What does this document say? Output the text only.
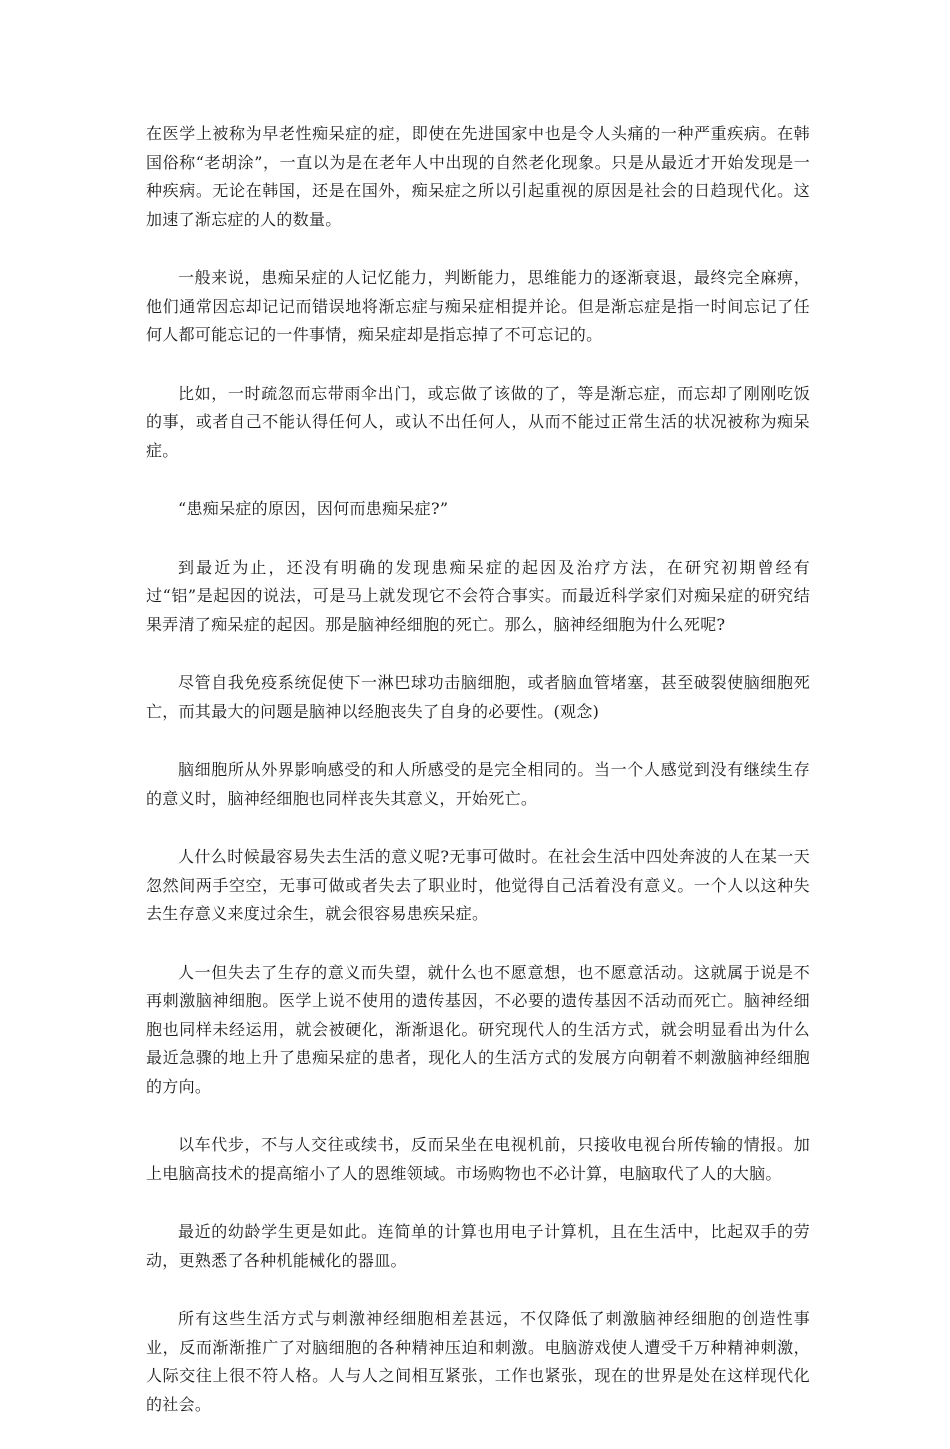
在医学上被称为早老性痴呆症的症，即使在先进国家中也是令人头痛的一种严重疾病。在韩国俗称“老胡涂”，一直以为是在老年人中出现的自然老化现象。只是从最近才开始发现是一种疾病。无论在韩国，还是在国外，痴呆症之所以引起重视的原因是社会的日趋现代化。这加速了渐忘症的人的数量。

一般来说，患痴呆症的人记忆能力，判断能力，思维能力的逐渐衰退，最终完全麻痹，他们通常因忘却记记而错误地将渐忘症与痴呆症相提并论。但是渐忘症是指一时间忘记了任何人都可能忘记的一件事情，痴呆症却是指忘掉了不可忘记的。

比如，一时疏忽而忘带雨伞出门，或忘做了该做的了，等是渐忘症，而忘却了刚刚吃饭的事，或者自己不能认得任何人，或认不出任何人，从而不能过正常生活的状况被称为痴呆症。

“患痴呆症的原因，因何而患痴呆症?”

到最近为止，还没有明确的发现患痴呆症的起因及治疗方法，在研究初期曾经有过“铝”是起因的说法，可是马上就发现它不会符合事实。而最近科学家们对痴呆症的研究结果弄清了痴呆症的起因。那是脑神经细胞的死亡。那么，脑神经细胞为什么死呢?

尽管自我免疫系统促使下一淋巴球功击脑细胞，或者脑血管堵塞，甚至破裂使脑细胞死亡，而其最大的问题是脑神以经胞丧失了自身的必要性。(观念)

脑细胞所从外界影响感受的和人所感受的是完全相同的。当一个人感觉到没有继续生存的意义时，脑神经细胞也同样丧失其意义，开始死亡。

人什么时候最容易失去生活的意义呢?无事可做时。在社会生活中四处奔波的人在某一天忽然间两手空空，无事可做或者失去了职业时，他觉得自己活着没有意义。一个人以这种失去生存意义来度过余生，就会很容易患疾呆症。

人一但失去了生存的意义而失望，就什么也不愿意想，也不愿意活动。这就属于说是不再刺激脑神细胞。医学上说不使用的遗传基因，不必要的遗传基因不活动而死亡。脑神经细胞也同样未经运用，就会被硬化，渐渐退化。研究现代人的生活方式，就会明显看出为什么最近急骤的地上升了患痴呆症的患者，现化人的生活方式的发展方向朝着不刺激脑神经细胞的方向。

以车代步，不与人交往或续书，反而呆坐在电视机前，只接收电视台所传输的情报。加上电脑高技术的提高缩小了人的恩维领域。市场购物也不必计算，电脑取代了人的大脑。

最近的幼龄学生更是如此。连简单的计算也用电子计算机，且在生活中，比起双手的劳动，更熟悉了各种机能械化的器皿。

所有这些生活方式与刺激神经细胞相差甚远，不仅降低了刺激脑神经细胞的创造性事业，反而渐渐推广了对脑细胞的各种精神压迫和刺激。电脑游戏使人遭受千万种精神刺激，人际交往上很不符人格。人与人之间相互紧张，工作也紧张，现在的世界是处在这样现代化的社会。
